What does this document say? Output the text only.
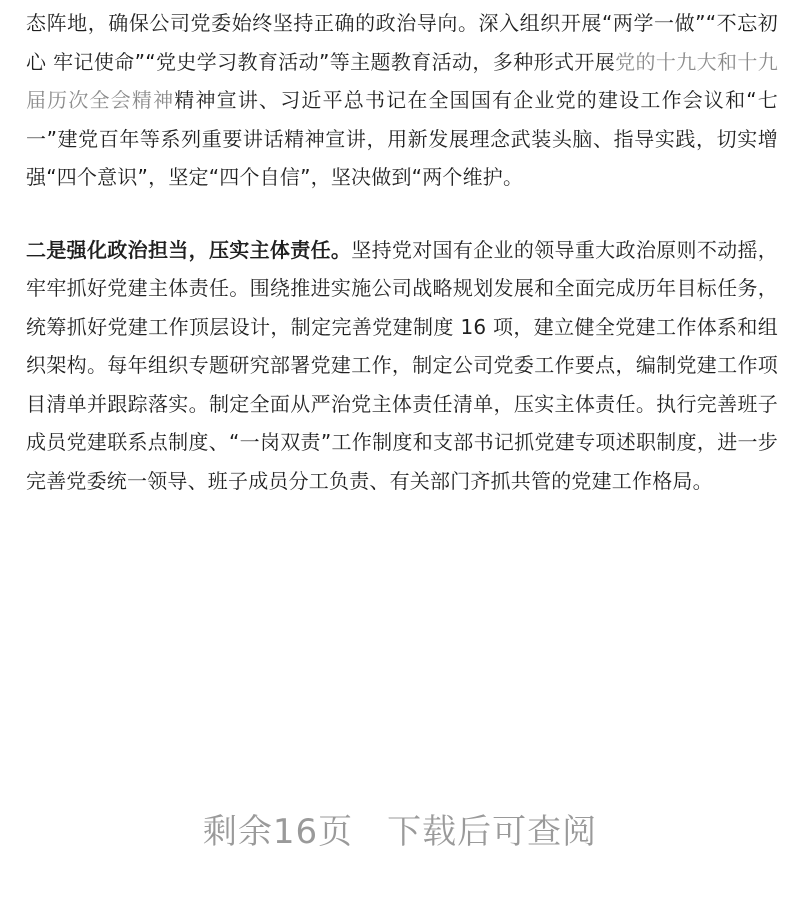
态阵地，确保公司党委始终坚持正确的政治导向。深入组织开展“两学一做”“不忘初心 牢记使命”“党史学习教育活动”等主题教育活动，多种形式开展党的十九大和十九届历次全会精神精神宣讲、习近平总书记在全国国有企业党的建设工作会议和“七一”建党百年等系列重要讲话精神宣讲，用新发展理念武装头脑、指导实践，切实增强“四个意识”，坚定“四个自信”，坚决做到“两个维护。

二是强化政治担当，压实主体责任。坚持党对国有企业的领导重大政治原则不动摇，牢牢抓好党建主体责任。围绕推进实施公司战略规划发展和全面完成历年目标任务，统筹抓好党建工作顶层设计，制定完善党建制度 16 项，建立健全党建工作体系和组织架构。每年组织专题研究部署党建工作，制定公司党委工作要点，编制党建工作项目清单并跟踪落实。制定全面从严治党主体责任清单，压实主体责任。执行完善班子成员党建联系点制度、“一岗双责”工作制度和支部书记抓党建专项述职制度，进一步完善党委统一领导、班子成员分工负责、有关部门齐抓共管的党建工作格局。

剩余16页 下载后可查阅
